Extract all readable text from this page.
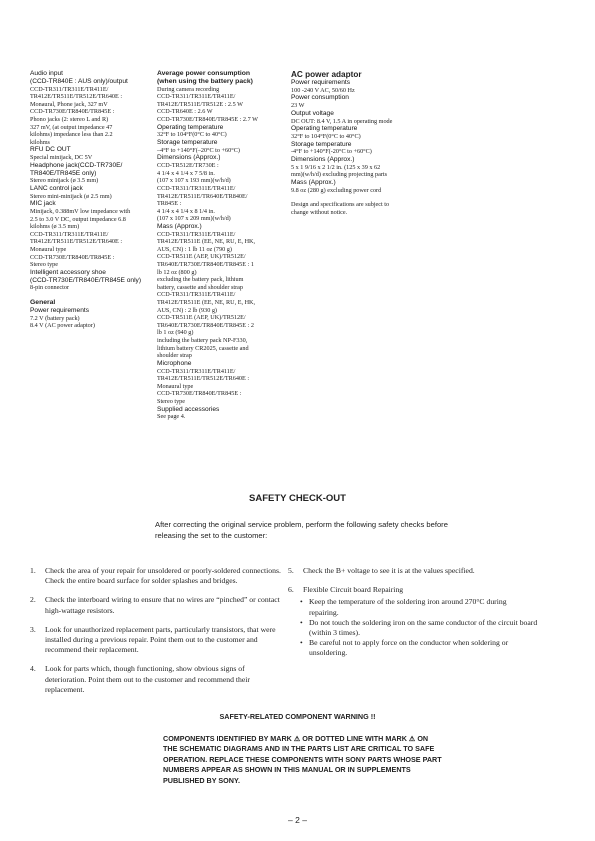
Audio input
(CCD-TR840E : AUS only)/output
CCD-TR311/TR311E/TR411E/
TR412E/TR511E/TR512E/TR640E :
Monaural, Phone jack, 327 mV
CCD-TR730E/TR840E/TR845E :
Phono jacks (2: stereo L and R)
327 mV, (at output impedance 47
kilohms) impedance less than 2.2
kilohms
RFU DC OUT
Special minijack, DC 5V
Headphone jack(CCD-TR730E/
TR840E/TR845E only)
Stereo minijack (ø 3.5 mm)
LANC control jack
Stereo mini-minijack (ø 2.5 mm)
MIC jack
Minijack, 0.388mV low impedance with
2.5 to 3.0 V DC, output impedance 6.8
kilohms (ø 3.5 mm)
CCD-TR311/TR311E/TR411E/
TR412E/TR511E/TR512E/TR640E :
Monaural type
CCD-TR730E/TR840E/TR845E :
Stereo type
Intelligent accessory shoe
(CCD-TR730E/TR840E/TR845E only)
8-pin connector
General
Power requirements
7.2 V (battery pack)
8.4 V (AC power adaptor)
Average power consumption
(when using the battery pack)
During camera recording
CCD-TR311/TR311E/TR411E/
TR412E/TR511E/TR512E : 2.5 W
CCD-TR640E : 2.6 W
CCD-TR730E/TR840E/TR845E : 2.7 W
Operating temperature
32°F to 104°F(0°C to 40°C)
Storage temperature
–4°F to +140°F(–20°C to +60°C)
Dimensions (Approx.)
CCD-TR512E/TR730E :
4 1/4 x 4 1/4 x 7 5/8 in.
(107 x 107 x 193 mm)(w/h/d)
CCD-TR311/TR311E/TR411E/
TR412E/TR511E/TR640E/TR840E/
TR845E :
4 1/4 x 4 1/4 x 8 1/4 in.
(107 x 107 x 209 mm)(w/h/d)
Mass (Approx.)
CCD-TR311/TR311E/TR411E/
TR412E/TR511E (EE, NE, RU, E, HK,
AUS, CN) : 1 lb 11 oz (790 g)
CCD-TR511E (AEP, UK)/TR512E/
TR640E/TR730E/TR840E/TR845E : 1
lb 12 oz (800 g)
excluding the battery pack, lithium
battery, cassette and shoulder strap
CCD-TR311/TR311E/TR411E/
TR412E/TR511E (EE, NE, RU, E, HK,
AUS, CN) : 2 lb (930 g)
CCD-TR511E (AEP, UK)/TR512E/
TR640E/TR730E/TR840E/TR845E : 2
lb 1 oz (940 g)
including the battery pack NP-F330,
lithium battery CR2025, cassette and
shoulder strap
Microphone
CCD-TR311/TR311E/TR411E/
TR412E/TR511E/TR512E/TR640E :
Monaural type
CCD-TR730E/TR840E/TR845E :
Stereo type
Supplied accessories
See page 4.
AC power adaptor
Power requirements
100 -240 V AC, 50/60 Hz
Power consumption
23 W
Output voltage
DC OUT: 8.4 V, 1.5 A in operating mode
Operating temperature
32°F to 104°F(0°C to 40°C)
Storage temperature
-4°F to +140°F(-20°C to +60°C)
Dimensions (Approx.)
5 x 1 9/16 x 2 1/2 in. (125 x 39 x 62
mm)(w/h/d) excluding projecting parts
Mass (Approx.)
9.8 oz (280 g) excluding power cord
Design and specifications are subject to
change without notice.
SAFETY CHECK-OUT
After correcting the original service problem, perform the following safety checks before releasing the set to the customer:
1.	Check the area of your repair for unsoldered or poorly-soldered connections. Check the entire board surface for solder splashes and bridges.
2.	Check the interboard wiring to ensure that no wires are “pinched” or contact high-wattage resistors.
3.	Look for unauthorized replacement parts, particularly transistors, that were installed during a previous repair. Point them out to the customer and recommend their replacement.
4.	Look for parts which, though functioning, show obvious signs of deterioration. Point them out to the customer and recommend their replacement.
5.	Check the B+ voltage to see it is at the values specified.
6.	Flexible Circuit board Repairing
• Keep the temperature of the soldering iron around 270°C during repairing.
• Do not touch the soldering iron on the same conductor of the circuit board (within 3 times).
• Be careful not to apply force on the conductor when soldering or unsoldering.
SAFETY-RELATED COMPONENT WARNING !!
COMPONENTS IDENTIFIED BY MARK ⚠ OR DOTTED LINE WITH MARK ⚠ ON THE SCHEMATIC DIAGRAMS AND IN THE PARTS LIST ARE CRITICAL TO SAFE OPERATION. REPLACE THESE COMPONENTS WITH SONY PARTS WHOSE PART NUMBERS APPEAR AS SHOWN IN THIS MANUAL OR IN SUPPLEMENTS PUBLISHED BY SONY.
– 2 –
